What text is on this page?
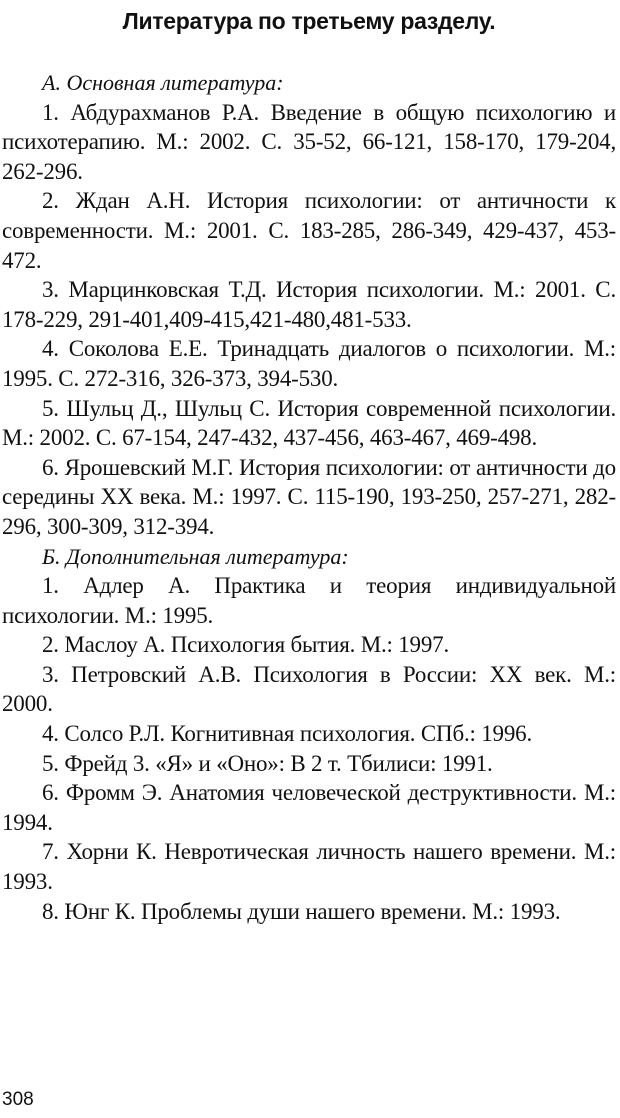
Литература по третьему разделу.

А. Основная литература:

1. Абдурахманов Р.А. Введение в общую психологию и психотерапию. М.: 2002. С. 35-52, 66-121, 158-170, 179-204, 262-296.

2. Ждан А.Н. История психологии: от античности к современности. М.: 2001. С. 183-285, 286-349, 429-437, 453-472.

3. Марцинковская Т.Д. История психологии. М.: 2001. С. 178-229, 291-401,409-415,421-480,481-533.

4. Соколова Е.Е. Тринадцать диалогов о психологии. М.: 1995. С. 272-316, 326-373, 394-530.

5. Шульц Д., Шульц С. История современной психологии. М.: 2002. С. 67-154, 247-432, 437-456, 463-467, 469-498.

6. Ярошевский М.Г. История психологии: от античности до середины XX века. М.: 1997. С. 115-190, 193-250, 257-271, 282-296, 300-309, 312-394.

Б. Дополнительная литература:

1. Адлер А. Практика и теория индивидуальной психологии. М.: 1995.

2. Маслоу А. Психология бытия. М.: 1997.

3. Петровский А.В. Психология в России: XX век. М.: 2000.

4. Солсо Р.Л. Когнитивная психология. СПб.: 1996.

5. Фрейд 3. «Я» и «Оно»: В 2 т. Тбилиси: 1991.

6. Фромм Э. Анатомия человеческой деструктивности. М.: 1994.

7. Хорни К. Невротическая личность нашего времени. М.: 1993.

8. Юнг К. Проблемы души нашего времени. М.: 1993.

308
